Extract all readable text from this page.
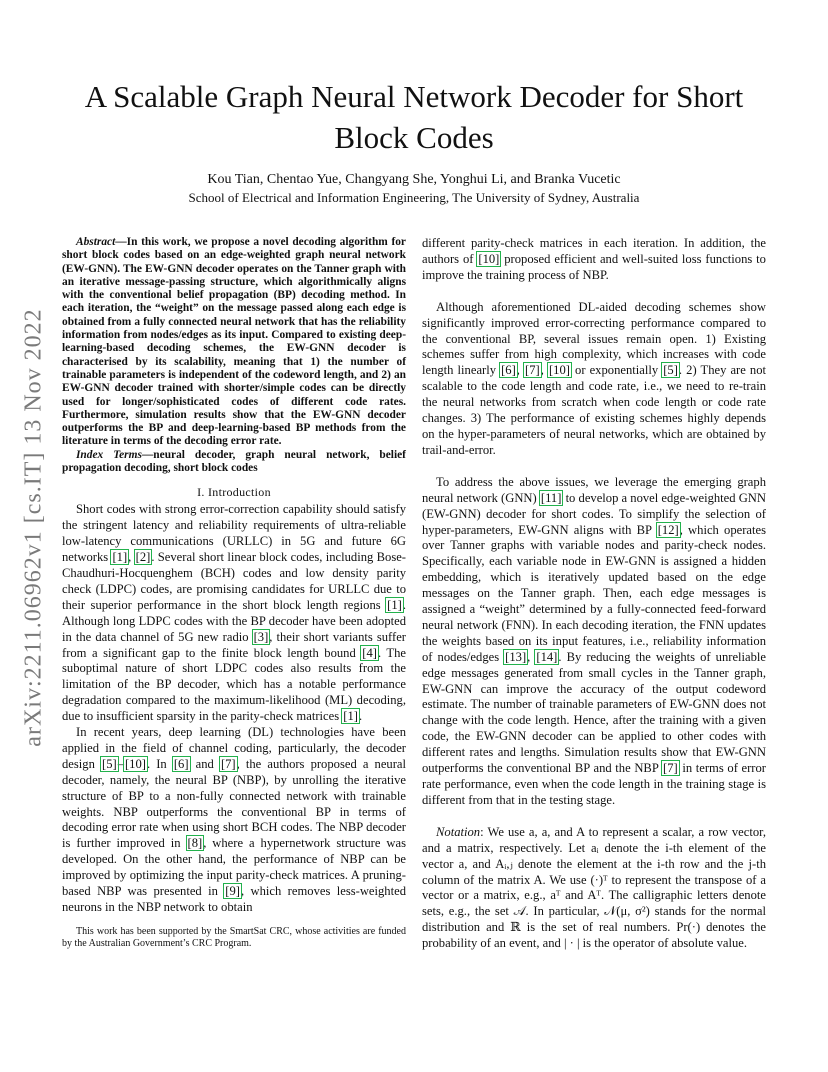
arXiv:2211.06962v1 [cs.IT] 13 Nov 2022
A Scalable Graph Neural Network Decoder for Short Block Codes
Kou Tian, Chentao Yue, Changyang She, Yonghui Li, and Branka Vucetic
School of Electrical and Information Engineering, The University of Sydney, Australia

Abstract—In this work, we propose a novel decoding algorithm for short block codes based on an edge-weighted graph neural network (EW-GNN). The EW-GNN decoder operates on the Tanner graph with an iterative message-passing structure, which algorithmically aligns with the conventional belief propagation (BP) decoding method. In each iteration, the “weight” on the message passed along each edge is obtained from a fully connected neural network that has the reliability information from nodes/edges as its input. Compared to existing deep-learning-based decoding schemes, the EW-GNN decoder is characterised by its scalability, meaning that 1) the number of trainable parameters is independent of the codeword length, and 2) an EW-GNN decoder trained with shorter/simple codes can be directly used for longer/sophisticated codes of different code rates. Furthermore, simulation results show that the EW-GNN decoder outperforms the BP and deep-learning-based BP methods from the literature in terms of the decoding error rate.

Index Terms—neural decoder, graph neural network, belief propagation decoding, short block codes

I. Introduction

Short codes with strong error-correction capability should satisfy the stringent latency and reliability requirements of ultra-reliable low-latency communications (URLLC) in 5G and future 6G networks [1], [2]. Several short linear block codes, including Bose-Chaudhuri-Hocquenghem (BCH) codes and low density parity check (LDPC) codes, are promising candidates for URLLC due to their superior performance in the short block length regions [1]. Although long LDPC codes with the BP decoder have been adopted in the data channel of 5G new radio [3], their short variants suffer from a significant gap to the finite block length bound [4]. The suboptimal nature of short LDPC codes also results from the limitation of the BP decoder, which has a notable performance degradation compared to the maximum-likelihood (ML) decoding, due to insufficient sparsity in the parity-check matrices [1].

In recent years, deep learning (DL) technologies have been applied in the field of channel coding, particularly, the decoder design [5]–[10]. In [6] and [7], the authors proposed a neural decoder, namely, the neural BP (NBP), by unrolling the iterative structure of BP to a non-fully connected network with trainable weights. NBP outperforms the conventional BP in terms of decoding error rate when using short BCH codes. The NBP decoder is further improved in [8], where a hypernetwork structure was developed. On the other hand, the performance of NBP can be improved by optimizing the input parity-check matrices. A pruning-based NBP was presented in [9], which removes less-weighted neurons in the NBP network to obtain

This work has been supported by the SmartSat CRC, whose activities are funded by the Australian Government’s CRC Program.

different parity-check matrices in each iteration. In addition, the authors of [10] proposed efficient and well-suited loss functions to improve the training process of NBP.

Although aforementioned DL-aided decoding schemes show significantly improved error-correcting performance compared to the conventional BP, several issues remain open. 1) Existing schemes suffer from high complexity, which increases with code length linearly [6], [7], [10] or exponentially [5]. 2) They are not scalable to the code length and code rate, i.e., we need to re-train the neural networks from scratch when code length or code rate changes. 3) The performance of existing schemes highly depends on the hyper-parameters of neural networks, which are obtained by trail-and-error.

To address the above issues, we leverage the emerging graph neural network (GNN) [11] to develop a novel edge-weighted GNN (EW-GNN) decoder for short codes. To simplify the selection of hyper-parameters, EW-GNN aligns with BP [12], which operates over Tanner graphs with variable nodes and parity-check nodes. Specifically, each variable node in EW-GNN is assigned a hidden embedding, which is iteratively updated based on the edge messages on the Tanner graph. Then, each edge messages is assigned a “weight” determined by a fully-connected feed-forward neural network (FNN). In each decoding iteration, the FNN updates the weights based on its input features, i.e., reliability information of nodes/edges [13], [14]. By reducing the weights of unreliable edge messages generated from small cycles in the Tanner graph, EW-GNN can improve the accuracy of the output codeword estimate. The number of trainable parameters of EW-GNN does not change with the code length. Hence, after the training with a given code, the EW-GNN decoder can be applied to other codes with different rates and lengths. Simulation results show that EW-GNN outperforms the conventional BP and the NBP [7] in terms of error rate performance, even when the code length in the training stage is different from that in the testing stage.

Notation: We use a, a, and A to represent a scalar, a row vector, and a matrix, respectively. Let aᵢ denote the i-th element of the vector a, and Aᵢ,ⱼ denote the element at the i-th row and the j-th column of the matrix A. We use (·)ᵀ to represent the transpose of a vector or a matrix, e.g., aᵀ and Aᵀ. The calligraphic letters denote sets, e.g., the set 𝒜. In particular, 𝒩(μ, σ²) stands for the normal distribution and ℝ is the set of real numbers. Pr(·) denotes the probability of an event, and | · | is the operator of absolute value.
